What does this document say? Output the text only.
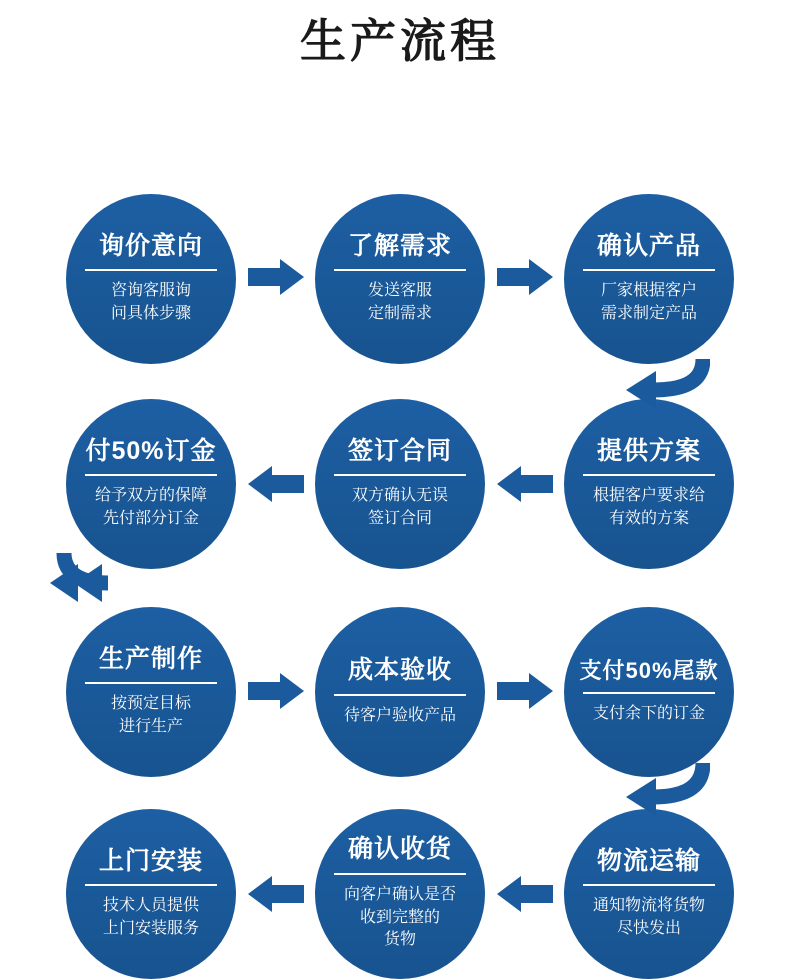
生产流程
询价意向
咨询客服询
问具体步骤
了解需求
发送客服
定制需求
确认产品
厂家根据客户
需求制定产品
付50%订金
给予双方的保障
先付部分订金
签订合同
双方确认无误
签订合同
提供方案
根据客户要求给
有效的方案
生产制作
按预定目标
进行生产
成本验收
待客户验收产品
支付50%尾款
支付余下的订金
上门安装
技术人员提供
上门安装服务
确认收货
向客户确认是否
收到完整的
货物
物流运输
通知物流将货物
尽快发出
